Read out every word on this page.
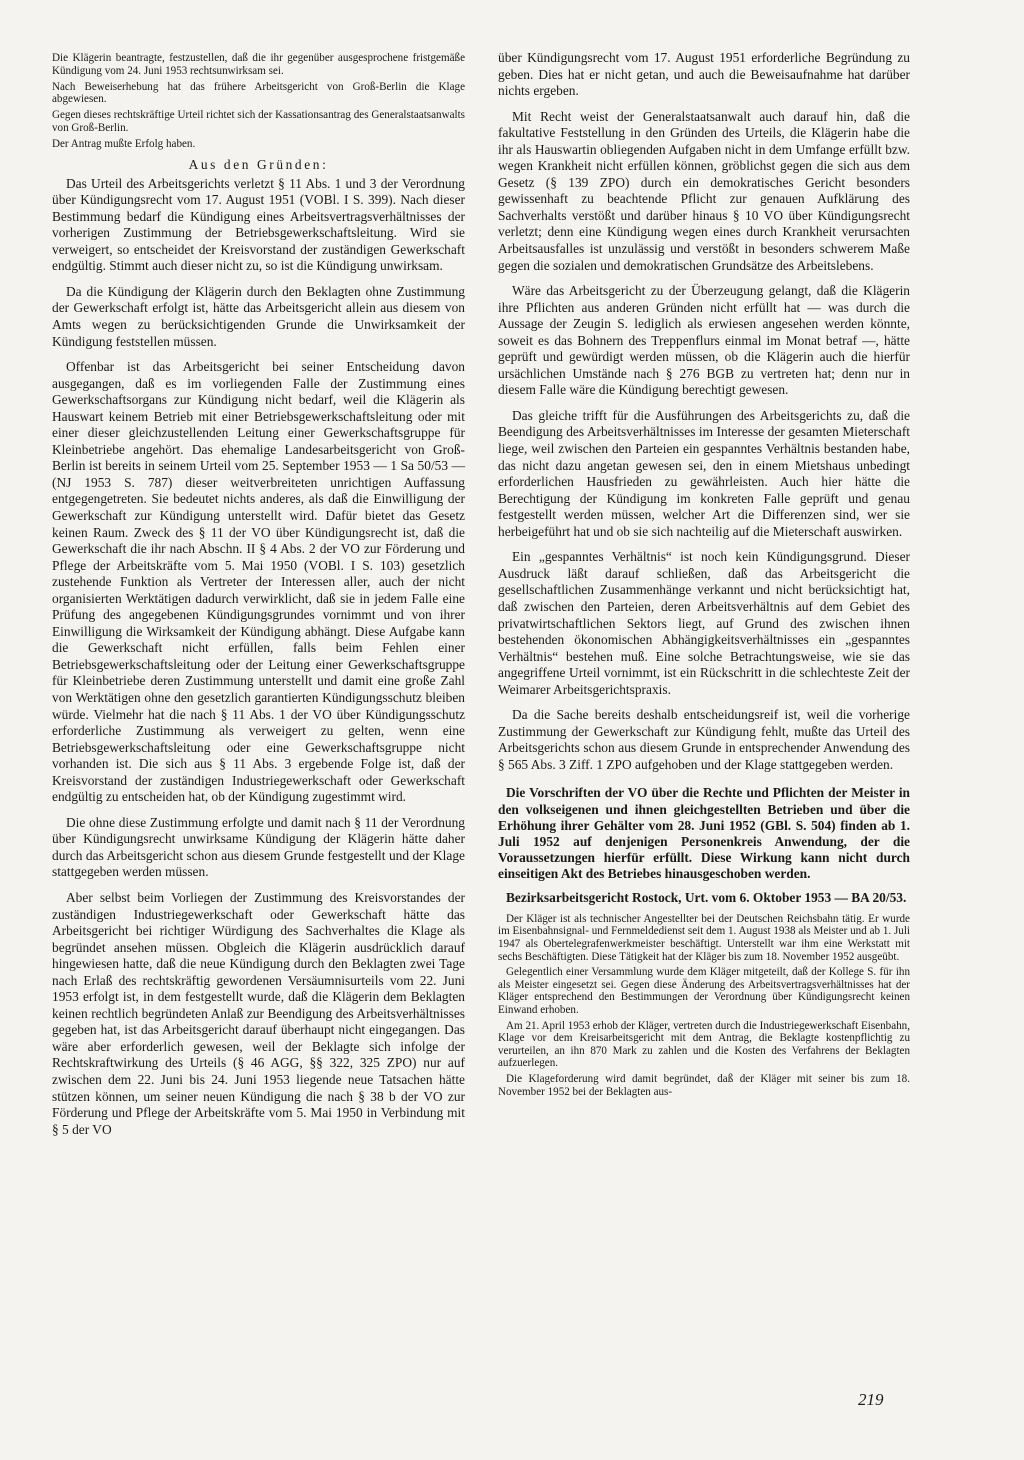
Die Klägerin beantragte, festzustellen, daß die ihr gegenüber ausgesprochene fristgemäße Kündigung vom 24. Juni 1953 rechtsunwirksam sei.

Nach Beweiserhebung hat das frühere Arbeitsgericht von Groß-Berlin die Klage abgewiesen.

Gegen dieses rechtskräftige Urteil richtet sich der Kassationsantrag des Generalstaatsanwalts von Groß-Berlin.

Der Antrag mußte Erfolg haben.

Aus den Gründen:

Das Urteil des Arbeitsgerichts verletzt § 11 Abs. 1 und 3 der Verordnung über Kündigungsrecht vom 17. August 1951 (VOBl. I S. 399). Nach dieser Bestimmung bedarf die Kündigung eines Arbeitsvertragsverhältnisses der vorherigen Zustimmung der Betriebsgewerkschaftsleitung. Wird sie verweigert, so entscheidet der Kreisvorstand der zuständigen Gewerkschaft endgültig. Stimmt auch dieser nicht zu, so ist die Kündigung unwirksam.

Da die Kündigung der Klägerin durch den Beklagten ohne Zustimmung der Gewerkschaft erfolgt ist, hätte das Arbeitsgericht allein aus diesem von Amts wegen zu berücksichtigenden Grunde die Unwirksamkeit der Kündigung feststellen müssen.

Offenbar ist das Arbeitsgericht bei seiner Entscheidung davon ausgegangen, daß es im vorliegenden Falle der Zustimmung eines Gewerkschaftsorgans zur Kündigung nicht bedarf, weil die Klägerin als Hauswart keinem Betrieb mit einer Betriebsgewerkschaftsleitung oder mit einer dieser gleichzustellenden Leitung einer Gewerkschaftsgruppe für Kleinbetriebe angehört. Das ehemalige Landesarbeitsgericht von Groß-Berlin ist bereits in seinem Urteil vom 25. September 1953 — 1 Sa 50/53 — (NJ 1953 S. 787) dieser weitverbreiteten unrichtigen Auffassung entgegengetreten. Sie bedeutet nichts anderes, als daß die Einwilligung der Gewerkschaft zur Kündigung unterstellt wird. Dafür bietet das Gesetz keinen Raum. Zweck des § 11 der VO über Kündigungsrecht ist, daß die Gewerkschaft die ihr nach Abschn. II § 4 Abs. 2 der VO zur Förderung und Pflege der Arbeitskräfte vom 5. Mai 1950 (VOBl. I S. 103) gesetzlich zustehende Funktion als Vertreter der Interessen aller, auch der nicht organisierten Werktätigen dadurch verwirklicht, daß sie in jedem Falle eine Prüfung des angegebenen Kündigungsgrundes vornimmt und von ihrer Einwilligung die Wirksamkeit der Kündigung abhängt. Diese Aufgabe kann die Gewerkschaft nicht erfüllen, falls beim Fehlen einer Betriebsgewerkschaftsleitung oder der Leitung einer Gewerkschaftsgruppe für Kleinbetriebe deren Zustimmung unterstellt und damit eine große Zahl von Werktätigen ohne den gesetzlich garantierten Kündigungsschutz bleiben würde. Vielmehr hat die nach § 11 Abs. 1 der VO über Kündigungsschutz erforderliche Zustimmung als verweigert zu gelten, wenn eine Betriebsgewerkschaftsleitung oder eine Gewerkschaftsgruppe nicht vorhanden ist. Die sich aus § 11 Abs. 3 ergebende Folge ist, daß der Kreisvorstand der zuständigen Industriegewerkschaft oder Gewerkschaft endgültig zu entscheiden hat, ob der Kündigung zugestimmt wird.

Die ohne diese Zustimmung erfolgte und damit nach § 11 der Verordnung über Kündigungsrecht unwirksame Kündigung der Klägerin hätte daher durch das Arbeitsgericht schon aus diesem Grunde festgestellt und der Klage stattgegeben werden müssen.

Aber selbst beim Vorliegen der Zustimmung des Kreisvorstandes der zuständigen Industriegewerkschaft oder Gewerkschaft hätte das Arbeitsgericht bei richtiger Würdigung des Sachverhaltes die Klage als begründet ansehen müssen. Obgleich die Klägerin ausdrücklich darauf hingewiesen hatte, daß die neue Kündigung durch den Beklagten zwei Tage nach Erlaß des rechtskräftig gewordenen Versäumnisurteils vom 22. Juni 1953 erfolgt ist, in dem festgestellt wurde, daß die Klägerin dem Beklagten keinen rechtlich begründeten Anlaß zur Beendigung des Arbeitsverhältnisses gegeben hat, ist das Arbeitsgericht darauf überhaupt nicht eingegangen. Das wäre aber erforderlich gewesen, weil der Beklagte sich infolge der Rechtskraftwirkung des Urteils (§ 46 AGG, §§ 322, 325 ZPO) nur auf zwischen dem 22. Juni bis 24. Juni 1953 liegende neue Tatsachen hätte stützen können, um seiner neuen Kündigung die nach § 38 b der VO zur Förderung und Pflege der Arbeitskräfte vom 5. Mai 1950 in Verbindung mit § 5 der VO

über Kündigungsrecht vom 17. August 1951 erforderliche Begründung zu geben. Dies hat er nicht getan, und auch die Beweisaufnahme hat darüber nichts ergeben.

Mit Recht weist der Generalstaatsanwalt auch darauf hin, daß die fakultative Feststellung in den Gründen des Urteils, die Klägerin habe die ihr als Hauswartin obliegenden Aufgaben nicht in dem Umfange erfüllt bzw. wegen Krankheit nicht erfüllen können, gröblichst gegen die sich aus dem Gesetz (§ 139 ZPO) durch ein demokratisches Gericht besonders gewissenhaft zu beachtende Pflicht zur genauen Aufklärung des Sachverhalts verstößt und darüber hinaus § 10 VO über Kündigungsrecht verletzt; denn eine Kündigung wegen eines durch Krankheit verursachten Arbeitsausfalles ist unzulässig und verstößt in besonders schwerem Maße gegen die sozialen und demokratischen Grundsätze des Arbeitslebens.

Wäre das Arbeitsgericht zu der Überzeugung gelangt, daß die Klägerin ihre Pflichten aus anderen Gründen nicht erfüllt hat — was durch die Aussage der Zeugin S. lediglich als erwiesen angesehen werden könnte, soweit es das Bohnern des Treppenflurs einmal im Monat betraf —, hätte geprüft und gewürdigt werden müssen, ob die Klägerin auch die hierfür ursächlichen Umstände nach § 276 BGB zu vertreten hat; denn nur in diesem Falle wäre die Kündigung berechtigt gewesen.

Das gleiche trifft für die Ausführungen des Arbeitsgerichts zu, daß die Beendigung des Arbeitsverhältnisses im Interesse der gesamten Mieterschaft liege, weil zwischen den Parteien ein gespanntes Verhältnis bestanden habe, das nicht dazu angetan gewesen sei, den in einem Mietshaus unbedingt erforderlichen Hausfrieden zu gewährleisten. Auch hier hätte die Berechtigung der Kündigung im konkreten Falle geprüft und genau festgestellt werden müssen, welcher Art die Differenzen sind, wer sie herbeigeführt hat und ob sie sich nachteilig auf die Mieterschaft auswirken.

Ein „gespanntes Verhältnis“ ist noch kein Kündigungsgrund. Dieser Ausdruck läßt darauf schließen, daß das Arbeitsgericht die gesellschaftlichen Zusammenhänge verkannt und nicht berücksichtigt hat, daß zwischen den Parteien, deren Arbeitsverhältnis auf dem Gebiet des privatwirtschaftlichen Sektors liegt, auf Grund des zwischen ihnen bestehenden ökonomischen Abhängigkeitsverhältnisses ein „gespanntes Verhältnis“ bestehen muß. Eine solche Betrachtungsweise, wie sie das angegriffene Urteil vornimmt, ist ein Rückschritt in die schlechteste Zeit der Weimarer Arbeitsgerichtspraxis.

Da die Sache bereits deshalb entscheidungsreif ist, weil die vorherige Zustimmung der Gewerkschaft zur Kündigung fehlt, mußte das Urteil des Arbeitsgerichts schon aus diesem Grunde in entsprechender Anwendung des § 565 Abs. 3 Ziff. 1 ZPO aufgehoben und der Klage stattgegeben werden.

Die Vorschriften der VO über die Rechte und Pflichten der Meister in den volkseigenen und ihnen gleichgestellten Betrieben und über die Erhöhung ihrer Gehälter vom 28. Juni 1952 (GBl. S. 504) finden ab 1. Juli 1952 auf denjenigen Personenkreis Anwendung, der die Voraussetzungen hierfür erfüllt. Diese Wirkung kann nicht durch einseitigen Akt des Betriebes hinausgeschoben werden.

Bezirksarbeitsgericht Rostock, Urt. vom 6. Oktober 1953 — BA 20/53.

Der Kläger ist als technischer Angestellter bei der Deutschen Reichsbahn tätig. Er wurde im Eisenbahnsignal- und Fernmeldedienst seit dem 1. August 1938 als Meister und ab 1. Juli 1947 als Obertelegrafenwerkmeister beschäftigt. Unterstellt war ihm eine Werkstatt mit sechs Beschäftigten. Diese Tätigkeit hat der Kläger bis zum 18. November 1952 ausgeübt.

Gelegentlich einer Versammlung wurde dem Kläger mitgeteilt, daß der Kollege S. für ihn als Meister eingesetzt sei. Gegen diese Änderung des Arbeitsvertragsverhältnisses hat der Kläger entsprechend den Bestimmungen der Verordnung über Kündigungsrecht keinen Einwand erhoben.

Am 21. April 1953 erhob der Kläger, vertreten durch die Industriegewerkschaft Eisenbahn, Klage vor dem Kreisarbeitsgericht mit dem Antrag, die Beklagte kostenpflichtig zu verurteilen, an ihn 870 Mark zu zahlen und die Kosten des Verfahrens der Beklagten aufzuerlegen.

Die Klageforderung wird damit begründet, daß der Kläger mit seiner bis zum 18. November 1952 bei der Beklagten aus-

219
